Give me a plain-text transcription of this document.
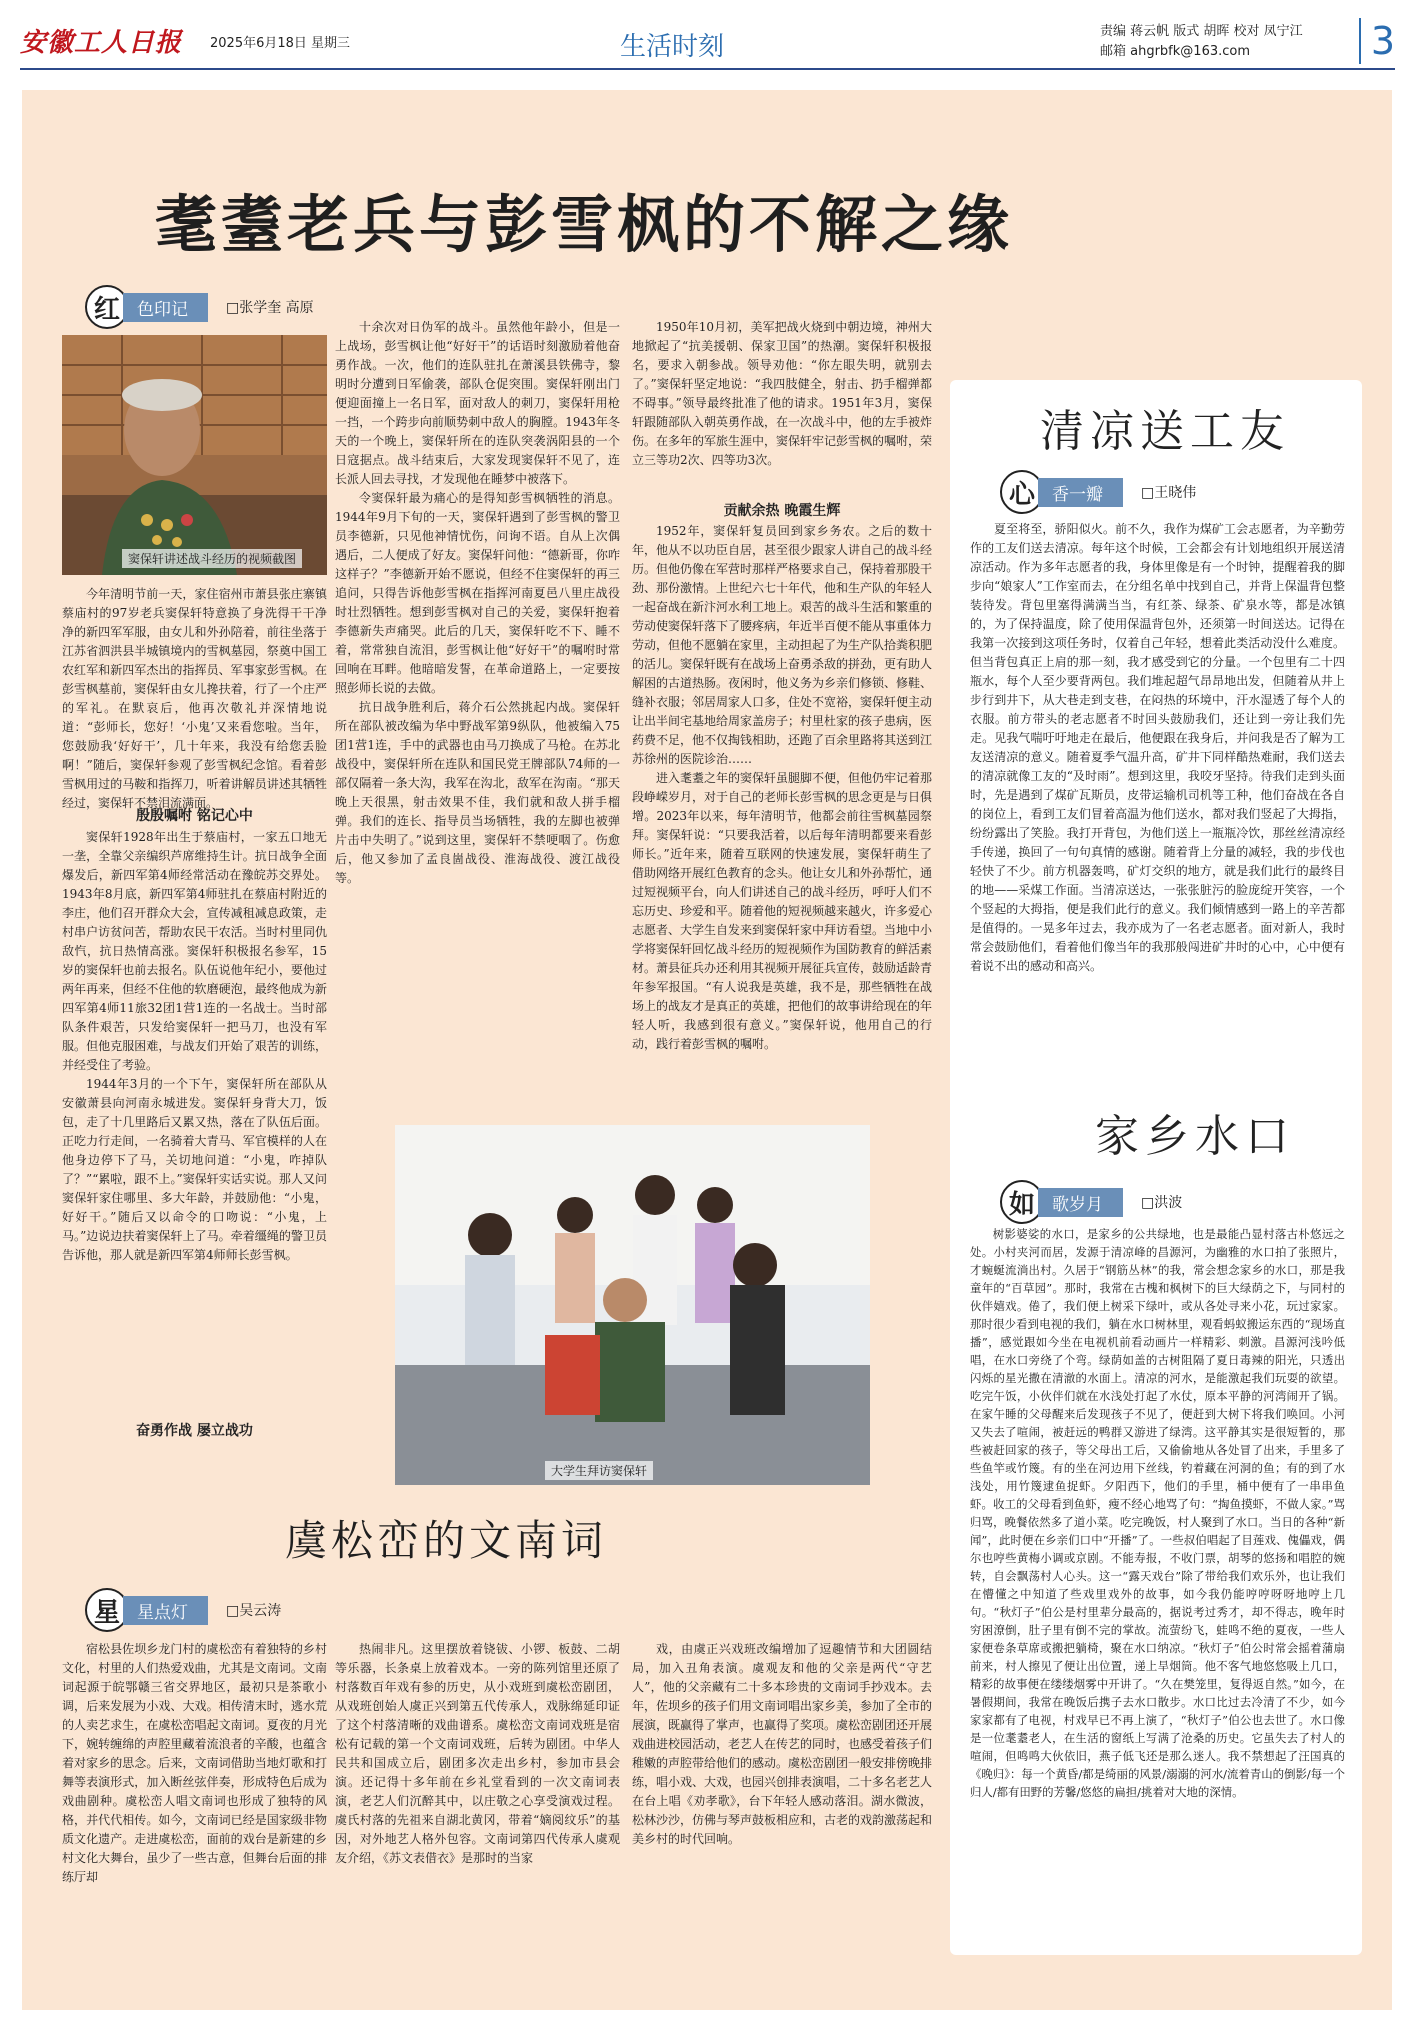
安徽工人日报 2025年6月18日 星期三	生活时刻
责编 蒋云帆 版式 胡晖 校对 凤宁江
邮箱 ahgrbfk@163.com	3
耄耋老兵与彭雪枫的不解之缘
红	色印记	□张学奎 高原
窦保轩讲述战斗经历的视频截图

今年清明节前一天，家住宿州市萧县张庄寨镇蔡庙村的97岁老兵窦保轩特意换了身洗得干干净净的新四军军服，由女儿和外孙陪着，前往坐落于江苏省泗洪县半城镇境内的雪枫墓园，祭奠中国工农红军和新四军杰出的指挥员、军事家彭雪枫。在彭雪枫墓前，窦保轩由女儿搀扶着，行了一个庄严的军礼。在默哀后，他再次敬礼并深情地说道：“彭师长，您好！‘小鬼’又来看您啦。当年，您鼓励我‘好好干’，几十年来，我没有给您丢脸啊！”随后，窦保轩参观了彭雪枫纪念馆。看着彭雪枫用过的马鞍和指挥刀，听着讲解员讲述其牺牲经过，窦保轩不禁泪流满面。

殷殷嘱咐 铭记心中

窦保轩1928年出生于蔡庙村，一家五口地无一垄，全靠父亲编织芦席维持生计。抗日战争全面爆发后，新四军第4师经常活动在豫皖苏交界处。1943年8月底，新四军第4师驻扎在蔡庙村附近的李庄，他们召开群众大会，宣传减租减息政策，走村串户访贫问苦，帮助农民干农活。当时村里同仇敌忾，抗日热情高涨。窦保轩积极报名参军，15岁的窦保轩也前去报名。队伍说他年纪小，要他过两年再来，但经不住他的软磨硬泡，最终他成为新四军第4师11旅32团1营1连的一名战士。当时部队条件艰苦，只发给窦保轩一把马刀，也没有军服。但他克服困难，与战友们开始了艰苦的训练，并经受住了考验。

1944年3月的一个下午，窦保轩所在部队从安徽萧县向河南永城进发。窦保轩身背大刀，饭包，走了十几里路后又累又热，落在了队伍后面。正吃力行走间，一名骑着大青马、军官模样的人在他身边停下了马，关切地问道：“小鬼，咋掉队了？”“累啦，跟不上。”窦保轩实话实说。那人又问窦保轩家住哪里、多大年龄，并鼓励他：“小鬼，好好干。”随后又以命令的口吻说：“小鬼，上马。”边说边扶着窦保轩上了马。牵着缰绳的警卫员告诉他，那人就是新四军第4师师长彭雪枫。

奋勇作战 屡立战功

十余次对日伪军的战斗。虽然他年龄小，但是一上战场，彭雪枫让他“好好干”的话语时刻激励着他奋勇作战。一次，他们的连队驻扎在萧溪县铁佛寺，黎明时分遭到日军偷袭，部队仓促突围。窦保轩刚出门便迎面撞上一名日军，面对敌人的刺刀，窦保轩用枪一挡，一个跨步向前顺势刺中敌人的胸膛。1943年冬天的一个晚上，窦保轩所在的连队突袭涡阳县的一个日寇据点。战斗结束后，大家发现窦保轩不见了，连长派人回去寻找，才发现他在睡梦中被落下。

令窦保轩最为痛心的是得知彭雪枫牺牲的消息。1944年9月下旬的一天，窦保轩遇到了彭雪枫的警卫员李德新，只见他神情忧伤，问询不语。自从上次偶遇后，二人便成了好友。窦保轩问他：“德新哥，你咋这样子？”李德新开始不愿说，但经不住窦保轩的再三追问，只得告诉他彭雪枫在指挥河南夏邑八里庄战役时壮烈牺牲。想到彭雪枫对自己的关爱，窦保轩抱着李德新失声痛哭。此后的几天，窦保轩吃不下、睡不着，常常独自流泪，彭雪枫让他“好好干”的嘱咐时常回响在耳畔。他暗暗发誓，在革命道路上，一定要按照彭师长说的去做。

抗日战争胜利后，蒋介石公然挑起内战。窦保轩所在部队被改编为华中野战军第9纵队，他被编入75团1营1连，手中的武器也由马刀换成了马枪。在苏北战役中，窦保轩所在连队和国民党王牌部队74师的一部仅隔着一条大沟，我军在沟北，敌军在沟南。“那天晚上天很黑，射击效果不佳，我们就和敌人拼手榴弹。我们的连长、指导员当场牺牲，我的左脚也被弹片击中失明了。”说到这里，窦保轩不禁哽咽了。伤愈后，他又参加了孟良崮战役、淮海战役、渡江战役等。

1950年10月初，美军把战火烧到中朝边境，神州大地掀起了“抗美援朝、保家卫国”的热潮。窦保轩积极报名，要求入朝参战。领导劝他：“你左眼失明，就别去了。”窦保轩坚定地说：“我四肢健全，射击、扔手榴弹都不碍事。”领导最终批准了他的请求。1951年3月，窦保轩跟随部队入朝英勇作战，在一次战斗中，他的左手被炸伤。在多年的军旅生涯中，窦保轩牢记彭雪枫的嘱咐，荣立三等功2次、四等功3次。

贡献余热 晚霞生辉

1952年，窦保轩复员回到家乡务农。之后的数十年，他从不以功臣自居，甚至很少跟家人讲自己的战斗经历。但他仍像在军营时那样严格要求自己，保持着那股干劲、那份激情。上世纪六七十年代，他和生产队的年轻人一起奋战在新汴河水利工地上。艰苦的战斗生活和繁重的劳动使窦保轩落下了腰疼病，年近半百便不能从事重体力劳动，但他不愿躺在家里，主动担起了为生产队拾粪积肥的活儿。窦保轩既有在战场上奋勇杀敌的拼劲，更有助人解困的古道热肠。夜闲时，他义务为乡亲们修锁、修鞋、缝补衣服；邻居周家人口多，住处不宽裕，窦保轩便主动让出半间宅基地给周家盖房子；村里杜家的孩子患病，医药费不足，他不仅掏钱相助，还跑了百余里路将其送到江苏徐州的医院诊治……

进入耄耋之年的窦保轩虽腿脚不便，但他仍牢记着那段峥嵘岁月，对于自己的老师长彭雪枫的思念更是与日俱增。2023年以来，每年清明节，他都会前往雪枫墓园祭拜。窦保轩说：“只要我活着，以后每年清明都要来看彭师长。”近年来，随着互联网的快速发展，窦保轩萌生了借助网络开展红色教育的念头。他让女儿和外孙帮忙，通过短视频平台，向人们讲述自己的战斗经历，呼吁人们不忘历史、珍爱和平。随着他的短视频越来越火，许多爱心志愿者、大学生自发来到窦保轩家中拜访看望。当地中小学将窦保轩回忆战斗经历的短视频作为国防教育的鲜活素材。萧县征兵办还利用其视频开展征兵宣传，鼓励适龄青年参军报国。“有人说我是英雄，我不是，那些牺牲在战场上的战友才是真正的英雄，把他们的故事讲给现在的年轻人听，我感到很有意义。”窦保轩说，他用自己的行动，践行着彭雪枫的嘱咐。

大学生拜访窦保轩
虞松峦的文南词
星	星点灯	□吴云涛

宿松县佐坝乡龙门村的虞松峦有着独特的乡村文化，村里的人们热爱戏曲，尤其是文南词。文南词起源于皖鄂赣三省交界地区，最初只是茶歌小调，后来发展为小戏、大戏。相传清末时，逃水荒的人卖艺求生，在虞松峦唱起文南词。夏夜的月光下，婉转缠绵的声腔里藏着流浪者的辛酸，也蕴含着对家乡的思念。后来，文南词借助当地灯歌和打舞等表演形式，加入断丝弦伴奏，形成特色后成为戏曲剧种。虞松峦人唱文南词也形成了独特的风格，并代代相传。如今，文南词已经是国家级非物质文化遗产。走进虞松峦，面前的戏台是新建的乡村文化大舞台，虽少了一些古意，但舞台后面的排练厅却

热闹非凡。这里摆放着铙钹、小锣、板鼓、二胡等乐器，长条桌上放着戏本。一旁的陈列馆里还原了村落数百年戏有参的历史，从小戏班到虞松峦剧团，从戏班创始人虞正兴到第五代传承人，戏脉绵延印证了这个村落清晰的戏曲谱系。虞松峦文南词戏班是宿松有记载的第一个文南词戏班，后转为剧团。中华人民共和国成立后，剧团多次走出乡村，参加市县会演。还记得十多年前在乡礼堂看到的一次文南词表演，老艺人们沉醉其中，以庄敬之心享受演戏过程。虞氏村落的先祖来自湖北黄冈，带着“嫡阅纹乐”的基因，对外地艺人格外包容。文南词第四代传承人虞观友介绍，《苏文表借衣》是那时的当家

戏，由虞正兴戏班改编增加了逗趣情节和大团圆结局，加入丑角表演。虞观友和他的父亲是两代“守艺人”，他的父亲藏有二十多本珍贵的文南词手抄戏本。去年，佐坝乡的孩子们用文南词唱出家乡美，参加了全市的展演，既赢得了掌声，也赢得了奖项。虞松峦剧团还开展戏曲进校园活动，老艺人在传艺的同时，也感受着孩子们稚嫩的声腔带给他们的感动。虞松峦剧团一般安排傍晚排练，唱小戏、大戏，也园兴创排表演唱，二十多名老艺人在台上唱《劝孝歌》，台下年轻人感动落泪。湖水微波，松林沙沙，仿佛与琴声鼓板相应和，古老的戏韵激荡起和美乡村的时代回响。

清凉送工友
心	香一瓣	□王晓伟

夏至将至，骄阳似火。前不久，我作为煤矿工会志愿者，为辛勤劳作的工友们送去清凉。每年这个时候，工会都会有计划地组织开展送清凉活动。作为多年志愿者的我，身体里像是有一个时钟，提醒着我的脚步向“娘家人”工作室而去，在分组名单中找到自己，并背上保温背包整装待发。背包里塞得满满当当，有红茶、绿茶、矿泉水等，都是冰镇的，为了保持温度，除了使用保温背包外，还须第一时间送达。记得在我第一次接到这项任务时，仅着自己年轻，想着此类活动没什么难度。但当背包真正上肩的那一刻，我才感受到它的分量。一个包里有二十四瓶水，每个人至少要背两包。我们堆起超气昂昂地出发，但随着从井上步行到井下，从大巷走到支巷，在闷热的环境中，汗水湿透了每个人的衣服。前方带头的老志愿者不时回头鼓励我们，还让到一旁让我们先走。见我气喘吁吁地走在最后，他便跟在我身后，并问我是否了解为工友送清凉的意义。随着夏季气温升高，矿井下同样酷热难耐，我们送去的清凉就像工友的“及时雨”。想到这里，我咬牙坚持。待我们走到头面时，先是遇到了煤矿瓦斯员，皮带运输机司机等工种，他们奋战在各自的岗位上，看到工友们冒着高温为他们送水，都对我们竖起了大拇指，纷纷露出了笑脸。我打开背包，为他们送上一瓶瓶冷饮，那丝丝清凉经手传递，换回了一句句真情的感谢。随着背上分量的减轻，我的步伐也轻快了不少。前方机器轰鸣，矿灯交织的地方，就是我们此行的最终目的地——采煤工作面。当清凉送达，一张张脏污的脸庞绽开笑容，一个个竖起的大拇指，便是我们此行的意义。我们倾情感到一路上的辛苦都是值得的。一晃多年过去，我亦成为了一名老志愿者。面对新人，我时常会鼓励他们，看着他们像当年的我那般闯进矿井时的心中，心中便有着说不出的感动和高兴。

家乡水口
如	歌岁月	□洪波

树影婆娑的水口，是家乡的公共绿地，也是最能凸显村落古朴悠远之处。小村夹河而居，发源于清凉峰的昌源河，为幽雅的水口拍了张照片，才蜿蜒流淌出村。久居于“钢筋丛林”的我，常会想念家乡的水口，那是我童年的“百草园”。那时，我常在古槐和枫树下的巨大绿荫之下，与同村的伙伴嬉戏。倦了，我们便上树采下绿叶，或从各处寻来小花，玩过家家。那时很少看到电视的我们，躺在水口树林里，观看蚂蚁搬运东西的“现场直播”，感觉跟如今坐在电视机前看动画片一样精彩、刺激。昌源河浅吟低唱，在水口旁绕了个弯。绿荫如盖的古树阻隔了夏日毒辣的阳光，只透出闪烁的星光撒在清澈的水面上。清凉的河水，是能激起我们玩耍的欲望。吃完午饭，小伙伴们就在水浅处打起了水仗，原本平静的河湾闹开了锅。在家午睡的父母醒来后发现孩子不见了，便赶到大树下将我们唤回。小河又失去了喧闹，被赶远的鸭群又游进了绿湾。这平静其实是很短暂的，那些被赶回家的孩子，等父母出工后，又偷偷地从各处冒了出来，手里多了些鱼竿或竹篾。有的坐在河边用下丝线，钓着藏在河洞的鱼；有的到了水浅处，用竹篾逮鱼捉虾。夕阳西下，他们的手里，桶中便有了一串串鱼虾。收工的父母看到鱼虾，瘦不经心地骂了句：“掏鱼摸虾，不做人家。”骂归骂，晚餐依然多了道小菜。吃完晚饭，村人聚到了水口。当日的各种“新闻”，此时便在乡亲们口中“开播”了。一些叔伯唱起了目莲戏、傀儡戏，偶尔也哼些黄梅小调或京剧。不能寿报，不收门票，胡琴的悠扬和唱腔的婉转，自会飘荡村人心头。这一“露天戏台”除了带给我们欢乐外，也让我们在懵懂之中知道了些戏里戏外的故事，如今我仍能哼哼呀呀地哼上几句。“秋灯子”伯公是村里辈分最高的，据说考过秀才，却不得志，晚年时穷困潦倒，肚子里有倒不完的掌故。流萤纷飞，蛙鸣不绝的夏夜，一些人家便卷条草席或搬把躺椅，聚在水口纳凉。“秋灯子”伯公时常会摇着蒲扇前来，村人擦见了便让出位置，递上旱烟筒。他不客气地悠悠吸上几口，精彩的故事便在缕缕烟雾中开讲了。“久在樊笼里，复得返自然。”如今，在暑假期间，我常在晚饭后携子去水口散步。水口比过去冷清了不少，如今家家都有了电视，村戏早已不再上演了，“秋灯子”伯公也去世了。水口像是一位耄耋老人，在生活的窗纸上写满了沧桑的历史。它虽失去了村人的喧闹，但鸣鸣大伙依旧，燕子低飞还是那么迷人。我不禁想起了汪国真的《晚归》：每一个黄昏/都是绮丽的风景/溺溺的河水/流着青山的倒影/每一个归人/都有田野的芳馨/悠悠的扁担/挑着对大地的深情。
